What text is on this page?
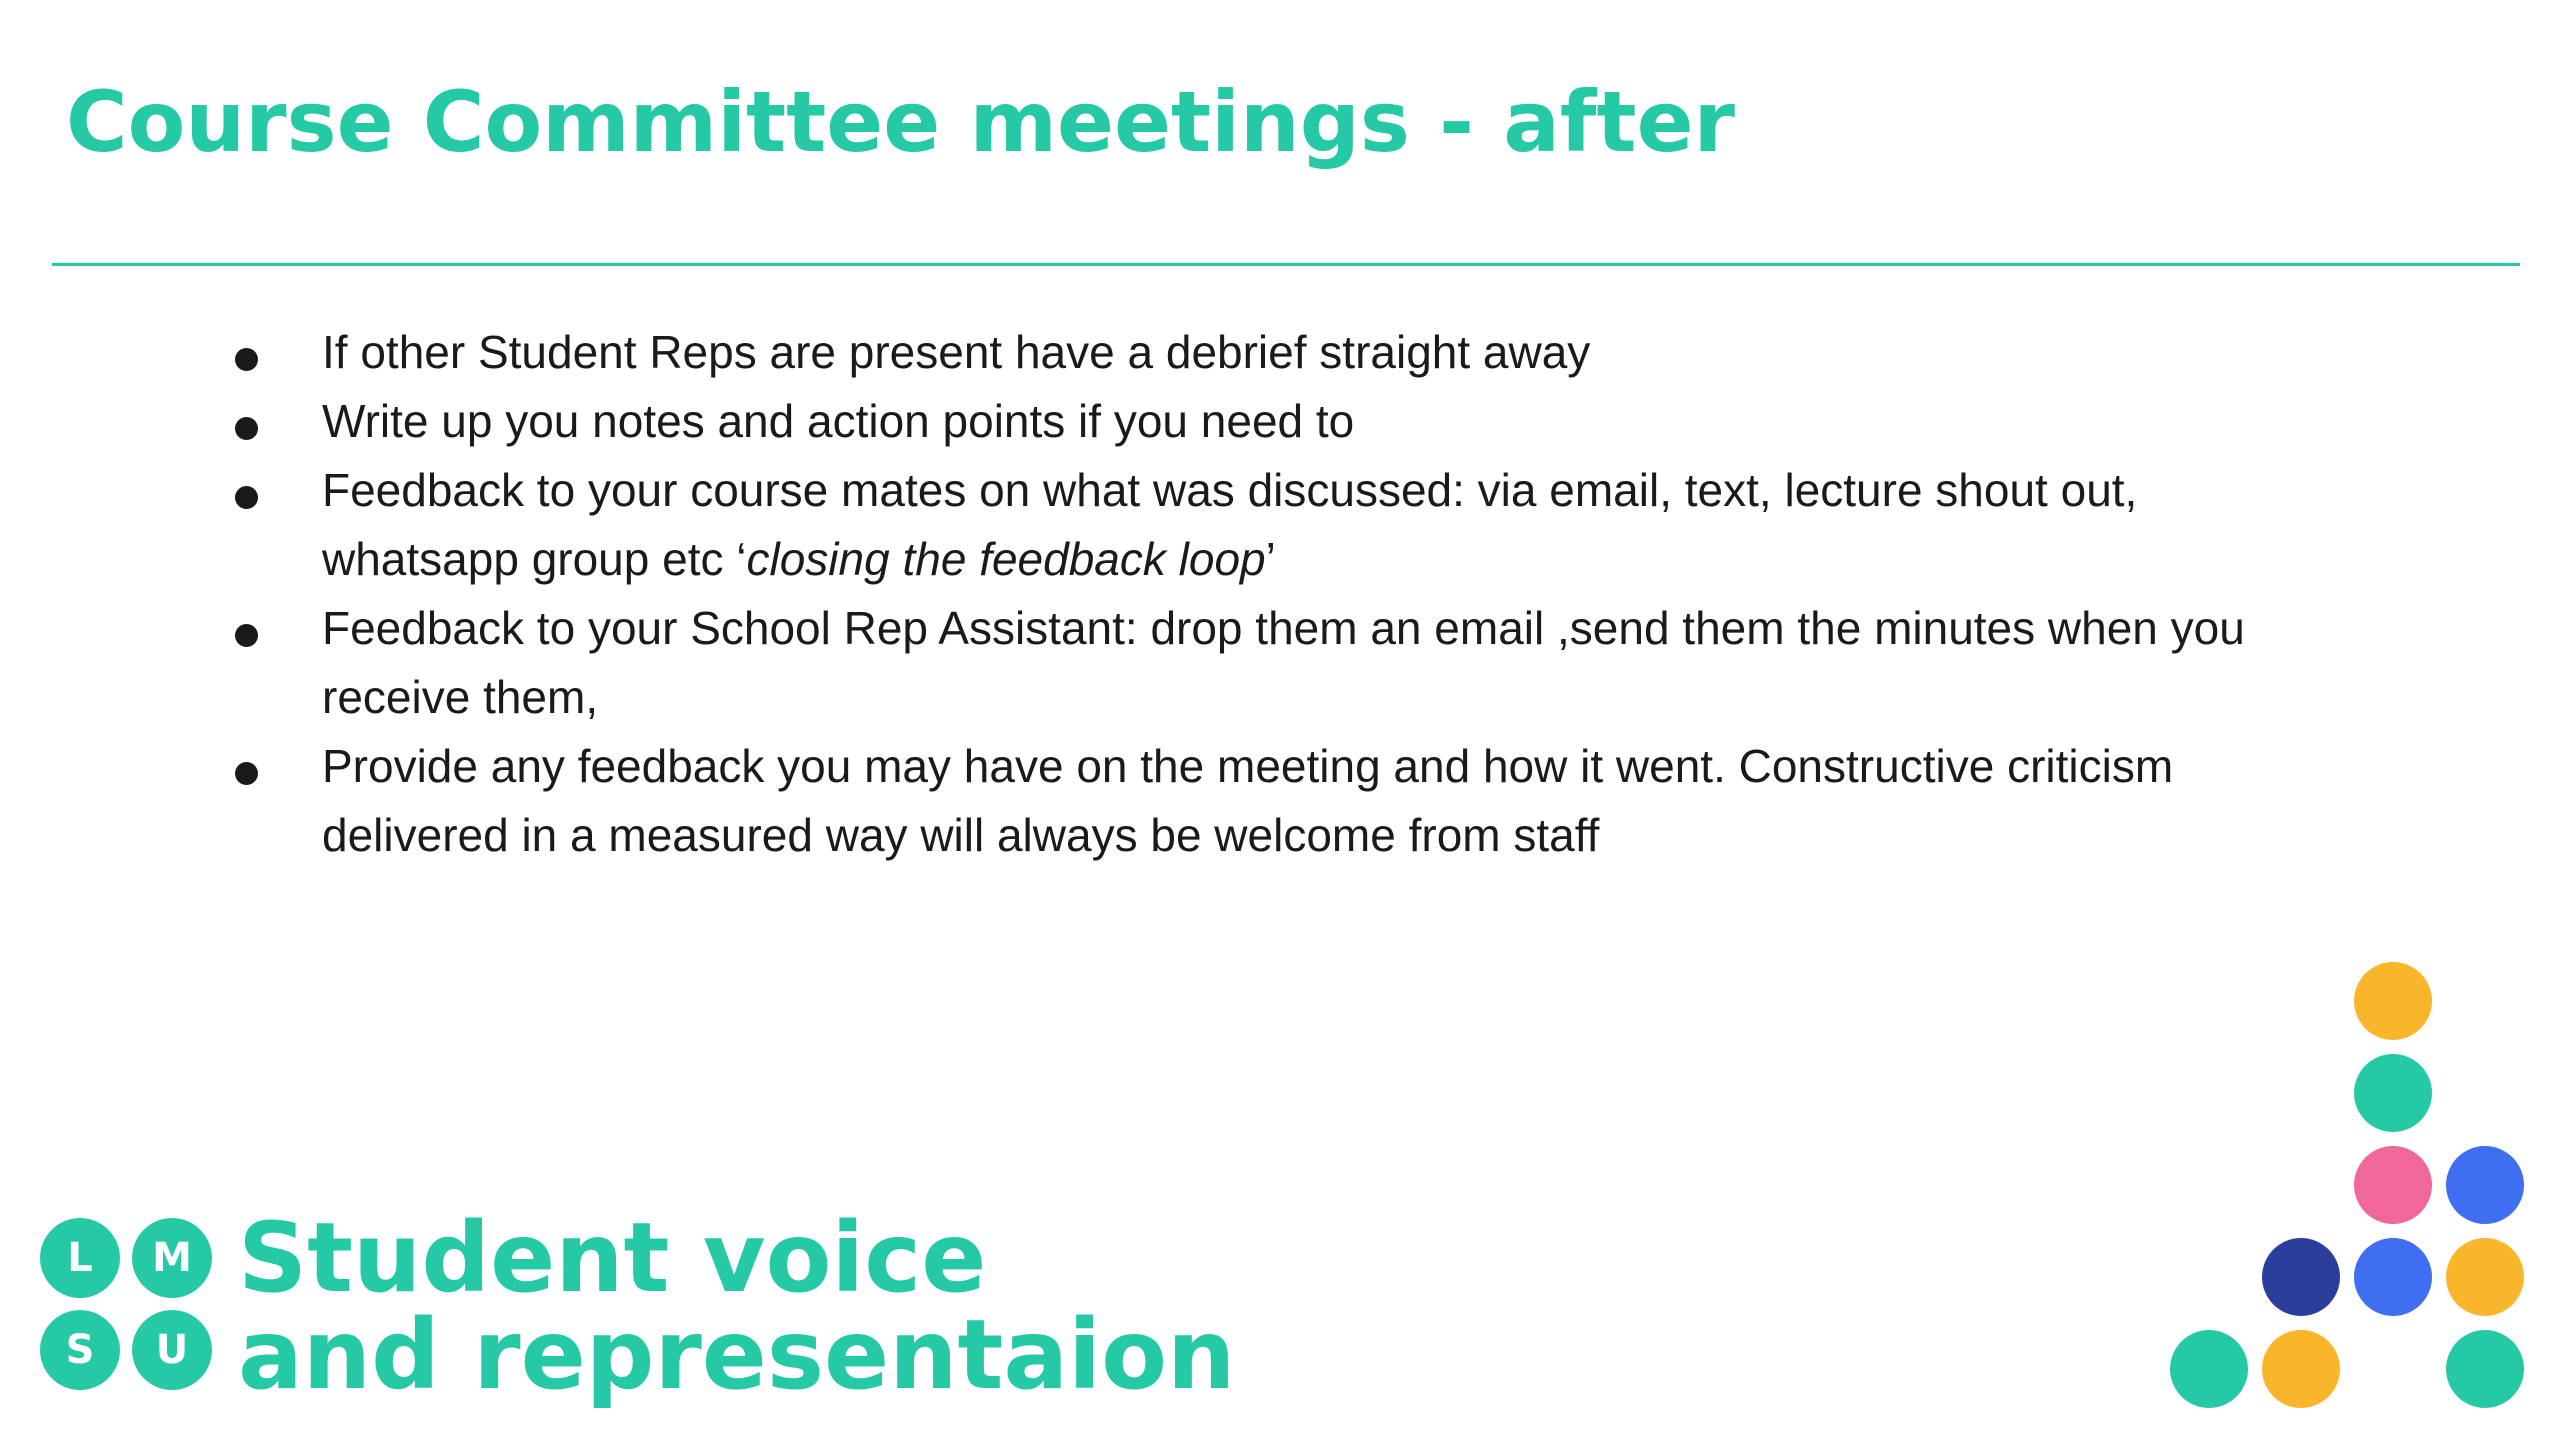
Course Committee meetings - after
If other Student Reps are present have a debrief straight away
Write up you notes and action points if you need to
Feedback to your course mates on what was discussed: via email, text, lecture shout out, whatsapp group etc ‘closing the feedback loop’
Feedback to your School Rep Assistant: drop them an email ,send them the minutes when you receive them,
Provide any feedback you may have on the meeting and how it went. Constructive criticism delivered in a measured way will always be welcome from staff
L	M
S	U
Student voice
and representaion
